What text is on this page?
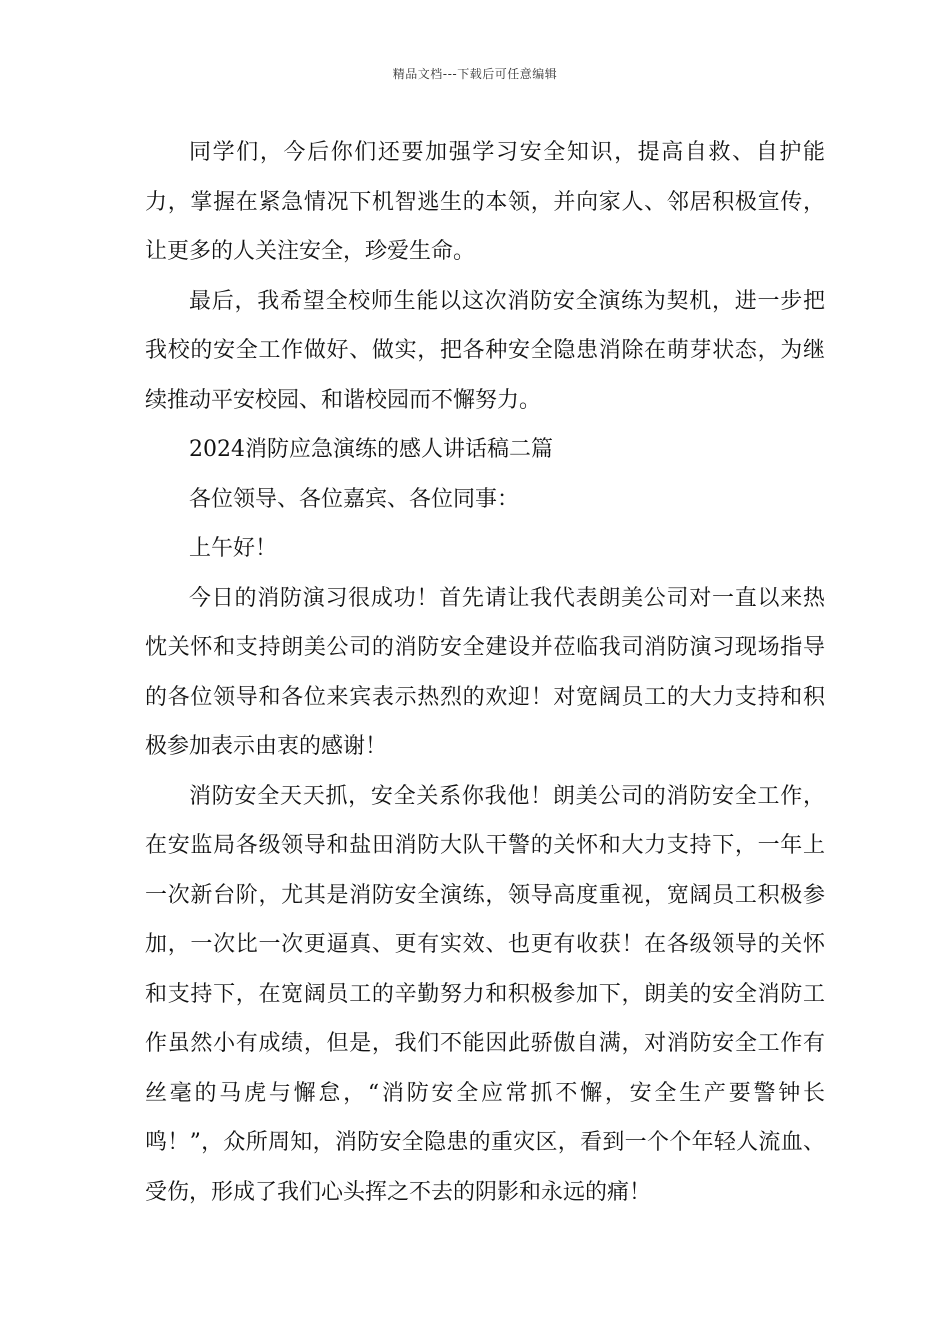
精品文档---下载后可任意编辑

同学们，今后你们还要加强学习安全知识，提高自救、自护能力，掌握在紧急情况下机智逃生的本领，并向家人、邻居积极宣传，让更多的人关注安全，珍爱生命。

最后，我希望全校师生能以这次消防安全演练为契机，进一步把我校的安全工作做好、做实，把各种安全隐患消除在萌芽状态，为继续推动平安校园、和谐校园而不懈努力。

2024消防应急演练的感人讲话稿二篇

各位领导、各位嘉宾、各位同事：

上午好！

今日的消防演习很成功！首先请让我代表朗美公司对一直以来热忱关怀和支持朗美公司的消防安全建设并莅临我司消防演习现场指导的各位领导和各位来宾表示热烈的欢迎！对宽阔员工的大力支持和积极参加表示由衷的感谢！

消防安全天天抓，安全关系你我他！朗美公司的消防安全工作，在安监局各级领导和盐田消防大队干警的关怀和大力支持下，一年上一次新台阶，尤其是消防安全演练，领导高度重视，宽阔员工积极参加，一次比一次更逼真、更有实效、也更有收获！在各级领导的关怀和支持下，在宽阔员工的辛勤努力和积极参加下，朗美的安全消防工作虽然小有成绩，但是，我们不能因此骄傲自满，对消防安全工作有丝毫的马虎与懈怠，“消防安全应常抓不懈，安全生产要警钟长鸣！”，众所周知，消防安全隐患的重灾区，看到一个个年轻人流血、受伤，形成了我们心头挥之不去的阴影和永远的痛！
